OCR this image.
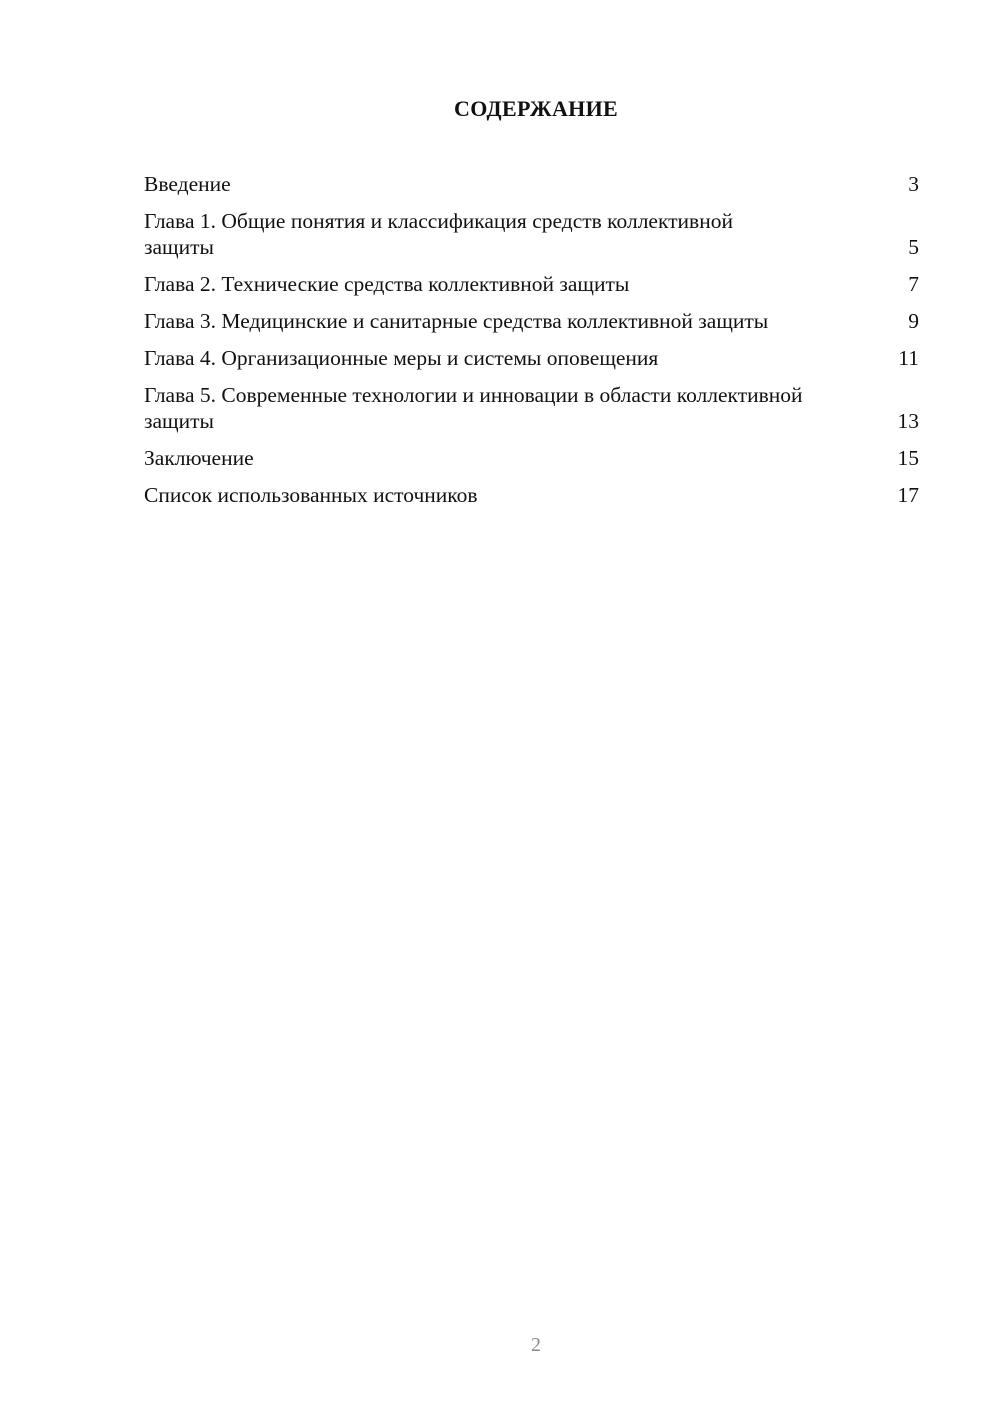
СОДЕРЖАНИЕ
Введение	3
Глава 1. Общие понятия и классификация средств коллективной защиты	5
Глава 2. Технические средства коллективной защиты	7
Глава 3. Медицинские и санитарные средства коллективной защиты	9
Глава 4. Организационные меры и системы оповещения	11
Глава 5. Современные технологии и инновации в области коллективной защиты	13
Заключение	15
Список использованных источников	17
2
